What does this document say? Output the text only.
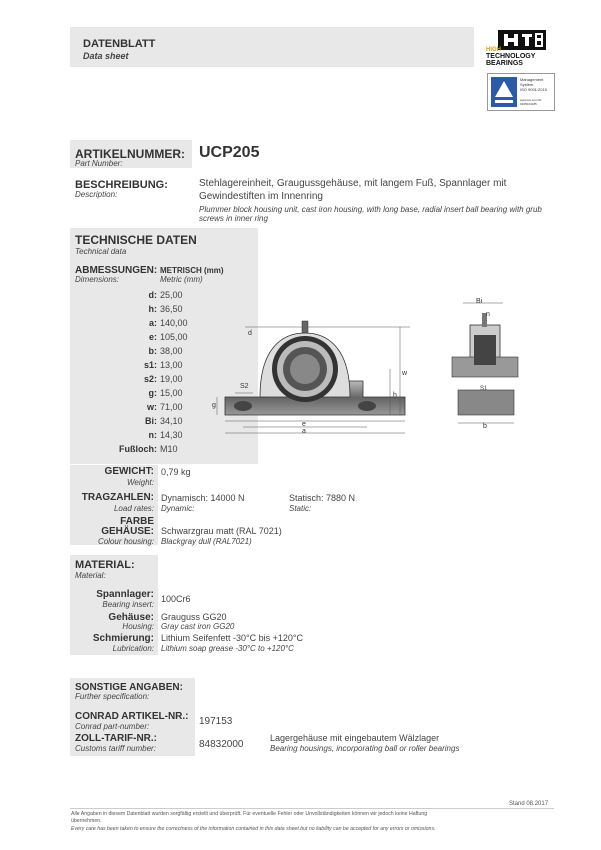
DATENBLATT
Data sheet
HIGH
TECHNOLOGY
BEARINGS
Management
System
ISO 9001:2015
www.tuv.com ID 9105044185
ARTIKELNUMMER:
Part Number:
UCP205
BESCHREIBUNG:
Description:
Stehlagereinheit, Graugussgehäuse, mit langem Fuß, Spannlager mit
Gewindestiften im Innenring
Plummer block housing unit, cast iron housing, with long base, radial insert ball bearing with grub
screws in inner ring
TECHNISCHE DATEN
Technical data
ABMESSUNGEN:
Dimensions:
METRISCH (mm)
Metric (mm)
d: 25,00
h: 36,50
a: 140,00
e: 105,00
b: 38,00
s1: 13,00
s2: 19,00
g: 15,00
w: 71,00
Bi: 34,10
n: 14,30
Fußloch: M10
S2
w
h
g
e
a
d
Bi
n
S1
b
GEWICHT:
Weight:
0,79 kg
TRAGZAHLEN:
Load rates:
Dynamisch: 14000 N
Dynamic:
Statisch: 7880 N
Static:
FARBE
GEHÄUSE:
Colour housing:
Schwarzgrau matt (RAL 7021)
Blackgray dull (RAL7021)
MATERIAL:
Material:
Spannlager:
Bearing insert:
100Cr6
Gehäuse:
Housing:
Grauguss GG20
Gray cast iron GG20
Schmierung:
Lubrication:
Lithium Seifenfett -30°C bis +120°C
Lithium soap grease -30°C to +120°C
SONSTIGE ANGABEN:
Further specification:
CONRAD ARTIKEL-NR.:
Conrad part-number:	197153
ZOLL-TARIF-NR.:
Customs tariff number:	84832000
Lagergehäuse mit eingebautem Wälzlager
Bearing housings, incorporating ball or roller bearings
Stand 08.2017
Alle Angaben in diesem Datenblatt wurden sorgfältig erstellt und überprüft. Für eventuelle Fehler oder Unvollständigkeiten können wir jedoch keine Haftung
übernehmen.
Every care has been taken to ensure the correctness of the information contained in this data sheet but no liability can be accepted for any errors or omissions.
